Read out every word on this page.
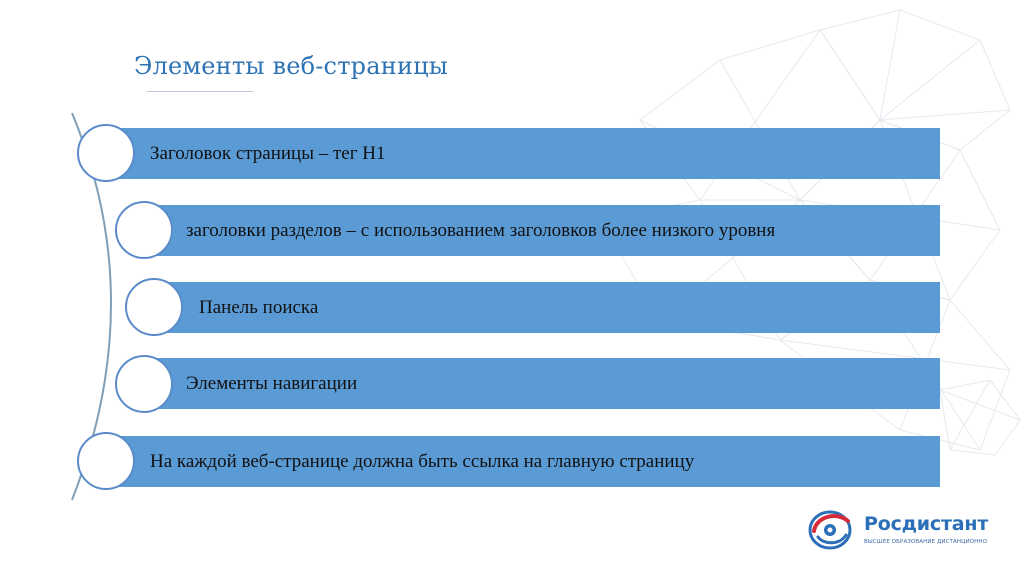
Элементы веб-страницы
Заголовок страницы – тег H1
заголовки разделов – с использованием заголовков более низкого уровня
Панель поиска
Элементы навигации
На каждой веб-странице должна быть ссылка на главную страницу
Росдистант
ВЫСШЕЕ ОБРАЗОВАНИЕ ДИСТАНЦИОННО
